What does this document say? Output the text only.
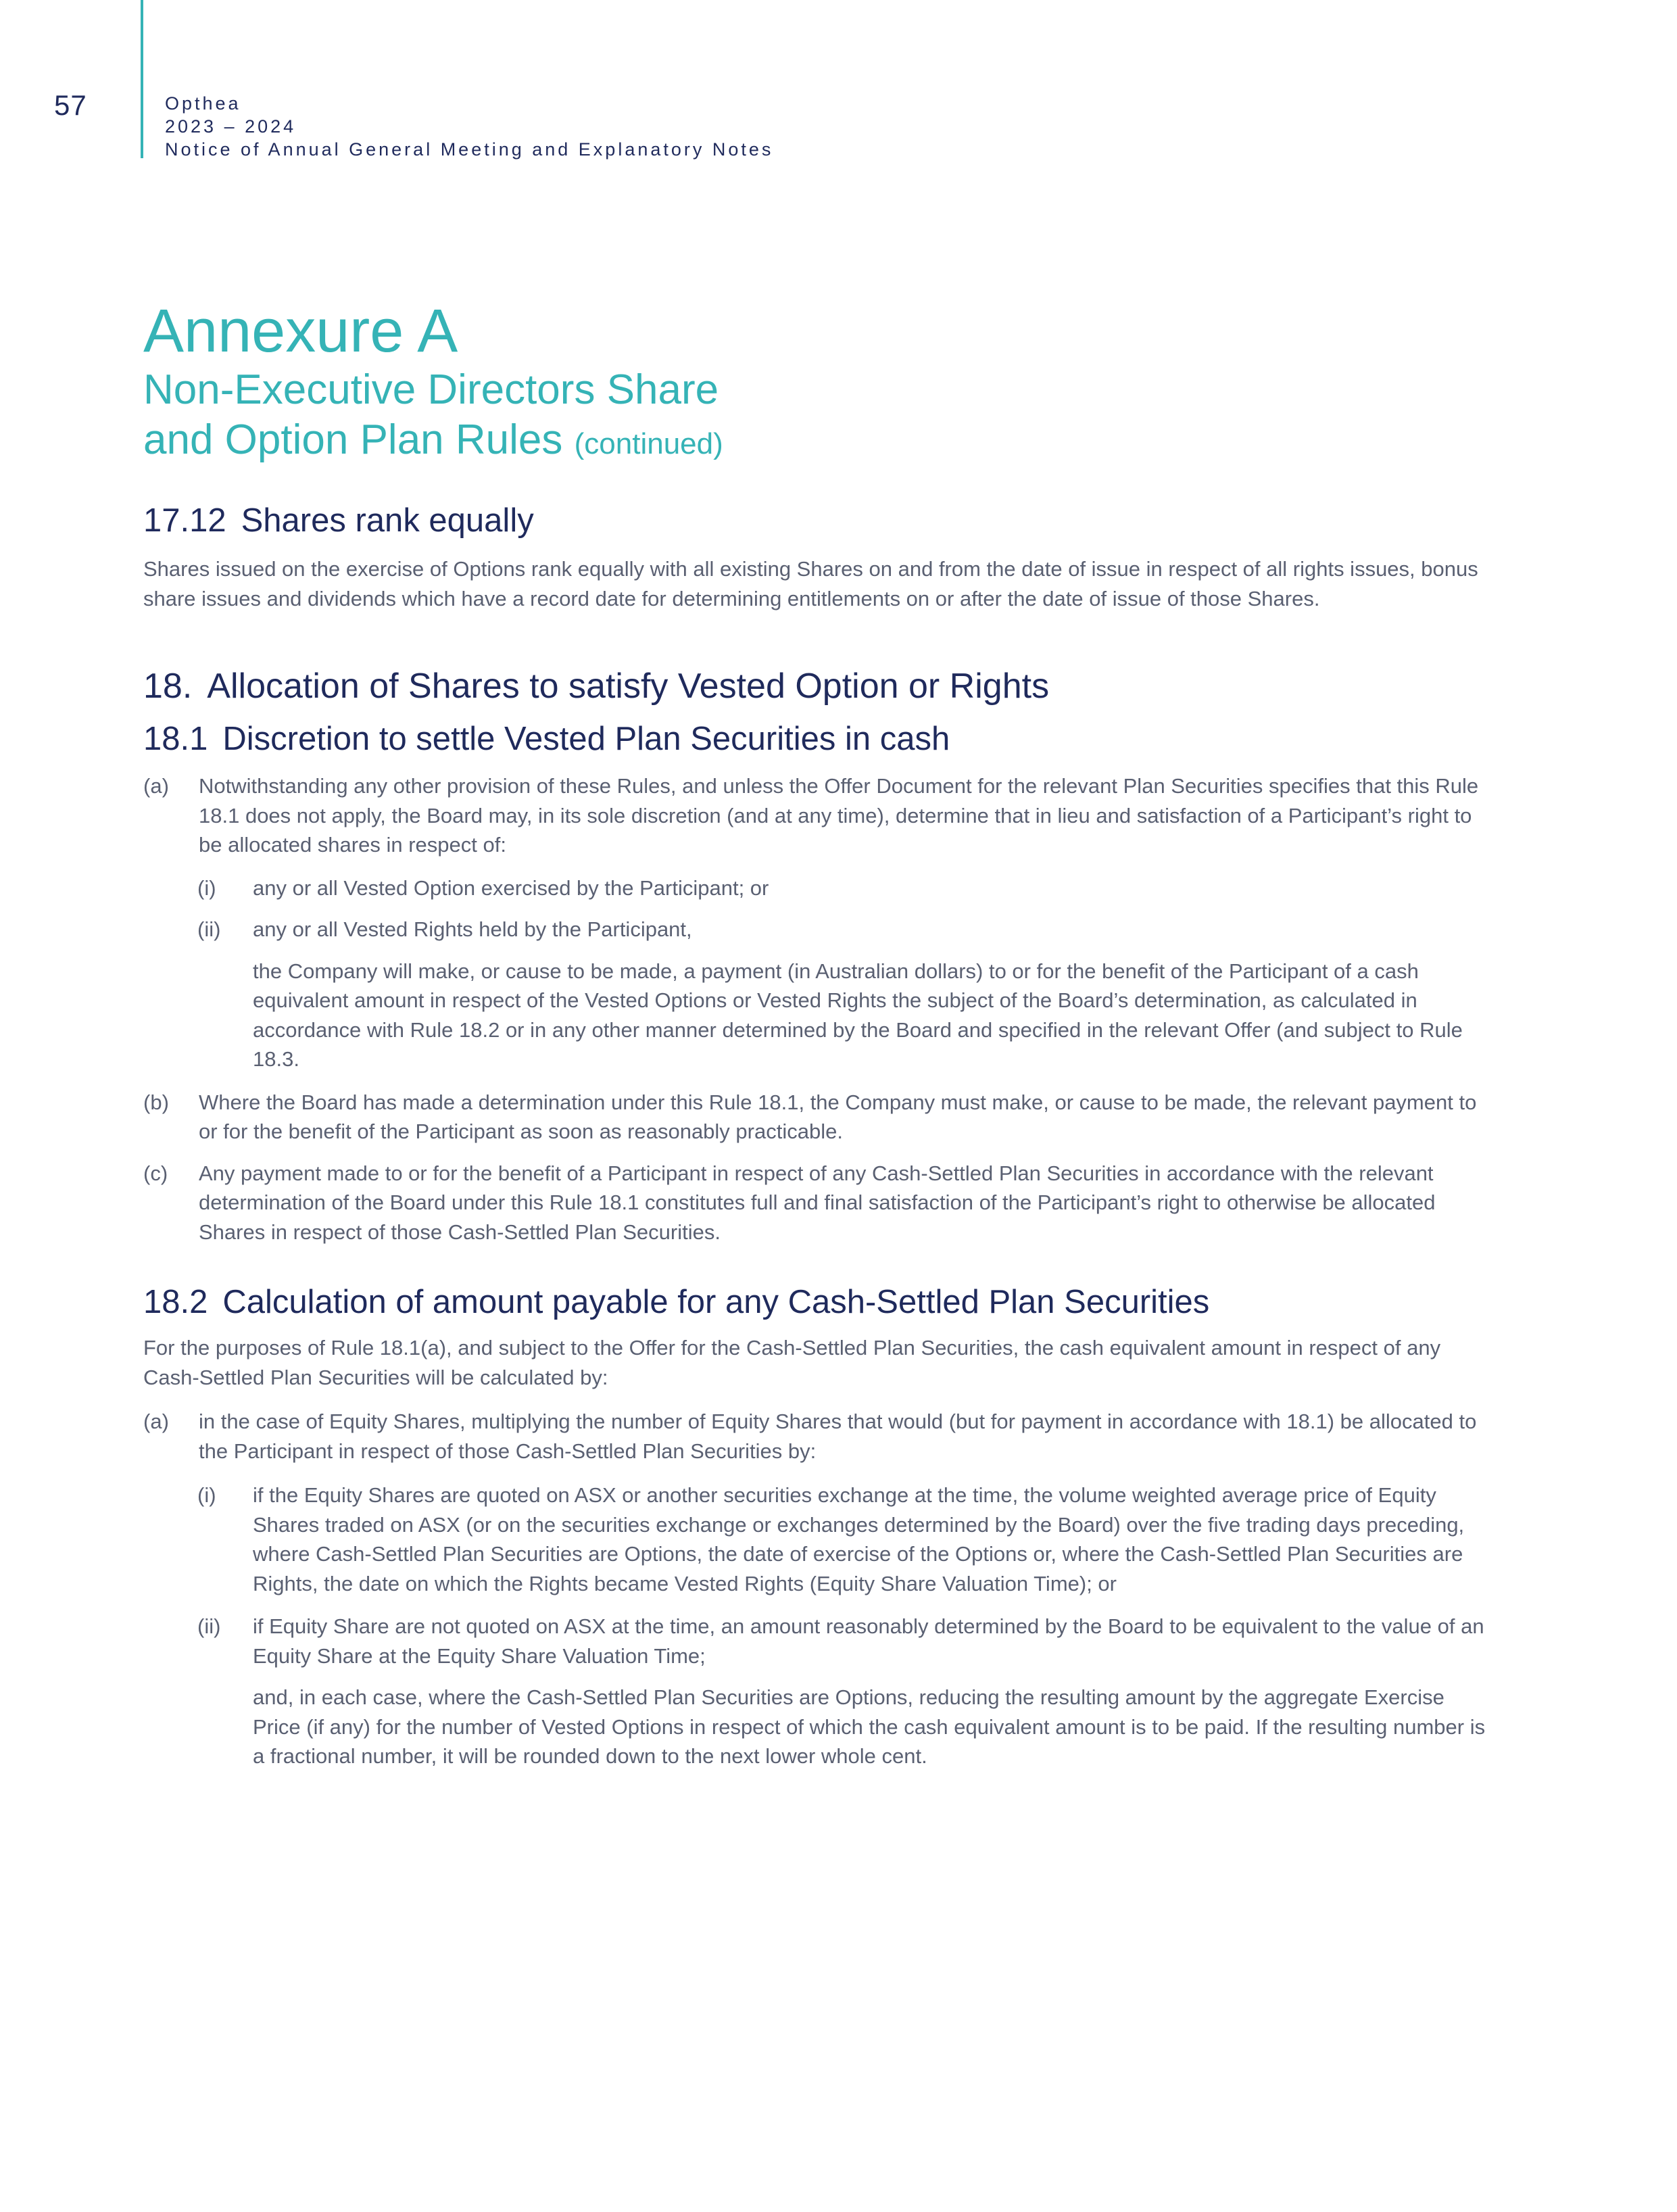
57	Opthea
2023 – 2024
Notice of Annual General Meeting and Explanatory Notes
Annexure A
Non-Executive Directors Share
and Option Plan Rules (continued)
17.12 Shares rank equally

Shares issued on the exercise of Options rank equally with all existing Shares on and from the date of issue in respect of all rights issues, bonus share issues and dividends which have a record date for determining entitlements on or after the date of issue of those Shares.

18. Allocation of Shares to satisfy Vested Option or Rights
18.1 Discretion to settle Vested Plan Securities in cash
(a) Notwithstanding any other provision of these Rules, and unless the Offer Document for the relevant Plan Securities specifies that this Rule 18.1 does not apply, the Board may, in its sole discretion (and at any time), determine that in lieu and satisfaction of a Participant’s right to be allocated shares in respect of:
(i) any or all Vested Option exercised by the Participant; or
(ii) any or all Vested Rights held by the Participant,
the Company will make, or cause to be made, a payment (in Australian dollars) to or for the benefit of the Participant of a cash equivalent amount in respect of the Vested Options or Vested Rights the subject of the Board’s determination, as calculated in accordance with Rule 18.2 or in any other manner determined by the Board and specified in the relevant Offer (and subject to Rule 18.3.
(b) Where the Board has made a determination under this Rule 18.1, the Company must make, or cause to be made, the relevant payment to or for the benefit of the Participant as soon as reasonably practicable.
(c) Any payment made to or for the benefit of a Participant in respect of any Cash-Settled Plan Securities in accordance with the relevant determination of the Board under this Rule 18.1 constitutes full and final satisfaction of the Participant’s right to otherwise be allocated Shares in respect of those Cash-Settled Plan Securities.
18.2 Calculation of amount payable for any Cash-Settled Plan Securities

For the purposes of Rule 18.1(a), and subject to the Offer for the Cash-Settled Plan Securities, the cash equivalent amount in respect of any Cash-Settled Plan Securities will be calculated by:

(a) in the case of Equity Shares, multiplying the number of Equity Shares that would (but for payment in accordance with 18.1) be allocated to the Participant in respect of those Cash-Settled Plan Securities by:
(i) if the Equity Shares are quoted on ASX or another securities exchange at the time, the volume weighted average price of Equity Shares traded on ASX (or on the securities exchange or exchanges determined by the Board) over the five trading days preceding, where Cash-Settled Plan Securities are Options, the date of exercise of the Options or, where the Cash-Settled Plan Securities are Rights, the date on which the Rights became Vested Rights (Equity Share Valuation Time); or
(ii) if Equity Share are not quoted on ASX at the time, an amount reasonably determined by the Board to be equivalent to the value of an Equity Share at the Equity Share Valuation Time;
and, in each case, where the Cash-Settled Plan Securities are Options, reducing the resulting amount by the aggregate Exercise Price (if any) for the number of Vested Options in respect of which the cash equivalent amount is to be paid. If the resulting number is a fractional number, it will be rounded down to the next lower whole cent.
